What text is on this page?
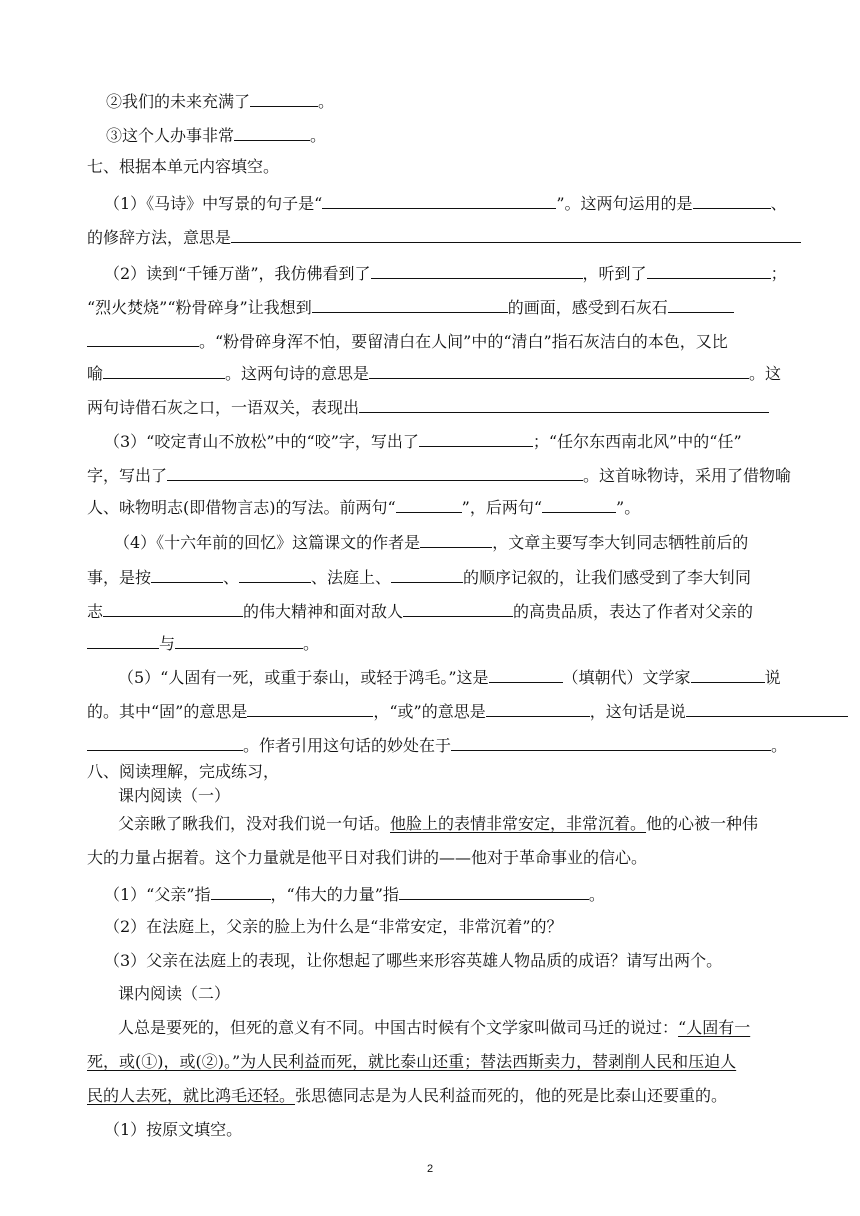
②我们的未来充满了	。
③这个人办事非常	。
七、根据本单元内容填空。
（1）《马诗》中写景的句子是“	”。这两句运用的是	、
的修辞方法，意思是
（2）读到“千锤万凿”，我仿佛看到了	，听到了	；
“烈火焚烧”“粉骨碎身”让我想到	的画面，感受到石灰石
。“粉骨碎身浑不怕，要留清白在人间”中的“清白”指石灰洁白的本色，又比
喻	。这两句诗的意思是	。这
两句诗借石灰之口，一语双关，表现出
（3）“咬定青山不放松”中的“咬”字，写出了	；“任尔东西南北风”中的“任”
字，写出了	。这首咏物诗，采用了借物喻
人、咏物明志(即借物言志)的写法。前两句“	”，后两句“	”。
（4）《十六年前的回忆》这篇课文的作者是	，文章主要写李大钊同志牺牲前后的
事，是按	、	、法庭上、	的顺序记叙的，让我们感受到了李大钊同
志	的伟大精神和面对敌人	的高贵品质，表达了作者对父亲的
与	。
（5）“人固有一死，或重于泰山，或轻于鸿毛。”这是	（填朝代）文学家	说
的。其中“固”的意思是	，“或”的意思是	，这句话是说
。作者引用这句话的妙处在于	。
八、阅读理解，完成练习，
课内阅读（一）
父亲瞅了瞅我们，没对我们说一句话。他脸上的表情非常安定，非常沉着。他的心被一种伟
大的力量占据着。这个力量就是他平日对我们讲的——他对于革命事业的信心。
（1）“父亲”指	，“伟大的力量”指	。
（2）在法庭上，父亲的脸上为什么是“非常安定，非常沉着”的？
（3）父亲在法庭上的表现，让你想起了哪些来形容英雄人物品质的成语？请写出两个。
课内阅读（二）
人总是要死的，但死的意义有不同。中国古时候有个文学家叫做司马迁的说过：“人固有一
死，或(①)，或(②)。”为人民利益而死，就比泰山还重；替法西斯卖力，替剥削人民和压迫人
民的人去死，就比鸿毛还轻。张思德同志是为人民利益而死的，他的死是比泰山还要重的。
（1）按原文填空。
2
